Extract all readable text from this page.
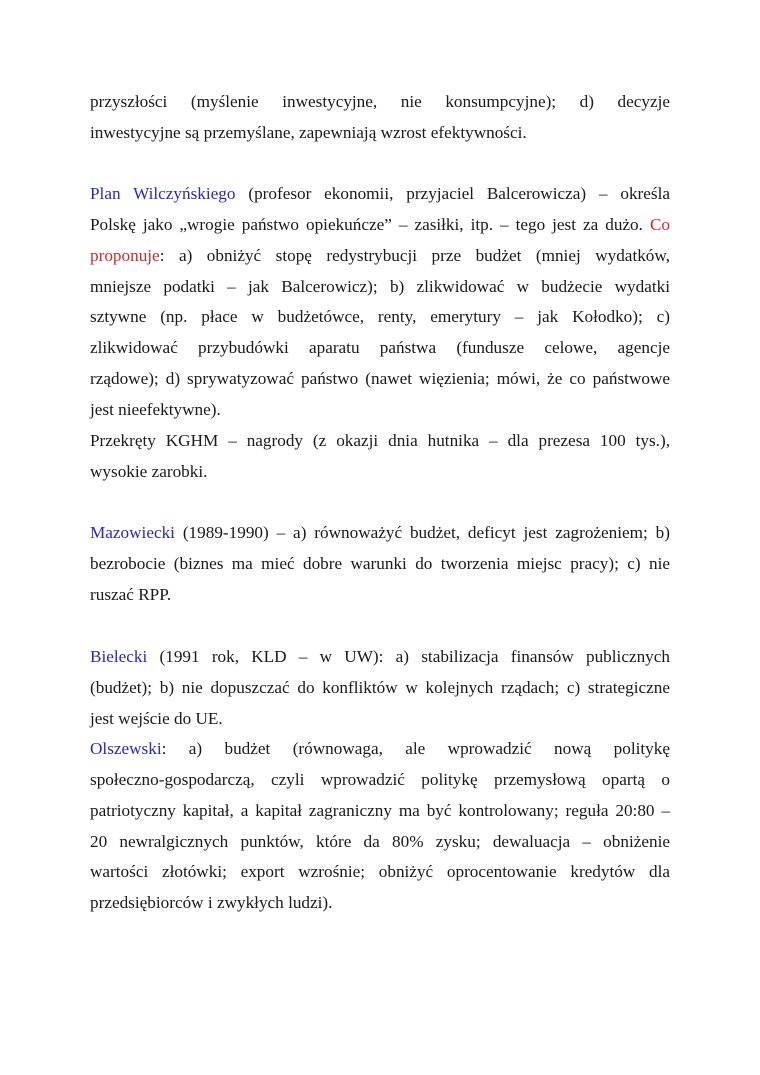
przyszłości (myślenie inwestycyjne, nie konsumpcyjne); d) decyzje
inwestycyjne są przemyślane, zapewniają wzrost efektywności.
Plan Wilczyńskiego (profesor ekonomii, przyjaciel Balcerowicza) – określa
Polskę jako „wrogie państwo opiekuńcze” – zasiłki, itp. – tego jest za dużo. Co
proponuje: a) obniżyć stopę redystrybucji prze budżet (mniej wydatków,
mniejsze podatki – jak Balcerowicz); b) zlikwidować w budżecie wydatki
sztywne (np. płace w budżetówce, renty, emerytury – jak Kołodko); c)
zlikwidować przybudówki aparatu państwa (fundusze celowe, agencje
rządowe); d) sprywatyzować państwo (nawet więzienia; mówi, że co państwowe
jest nieefektywne).
Przekręty KGHM – nagrody (z okazji dnia hutnika – dla prezesa 100 tys.),
wysokie zarobki.
Mazowiecki (1989-1990) – a) równoważyć budżet, deficyt jest zagrożeniem; b)
bezrobocie (biznes ma mieć dobre warunki do tworzenia miejsc pracy); c) nie
ruszać RPP.
Bielecki (1991 rok, KLD – w UW): a) stabilizacja finansów publicznych
(budżet); b) nie dopuszczać do konfliktów w kolejnych rządach; c) strategiczne
jest wejście do UE.
Olszewski: a) budżet (równowaga, ale wprowadzić nową politykę
społeczno-gospodarczą, czyli wprowadzić politykę przemysłową opartą o
patriotyczny kapitał, a kapitał zagraniczny ma być kontrolowany; reguła 20:80 –
20 newralgicznych punktów, które da 80% zysku; dewaluacja – obniżenie
wartości złotówki; export wzrośnie; obniżyć oprocentowanie kredytów dla
przedsiębiorców i zwykłych ludzi).
